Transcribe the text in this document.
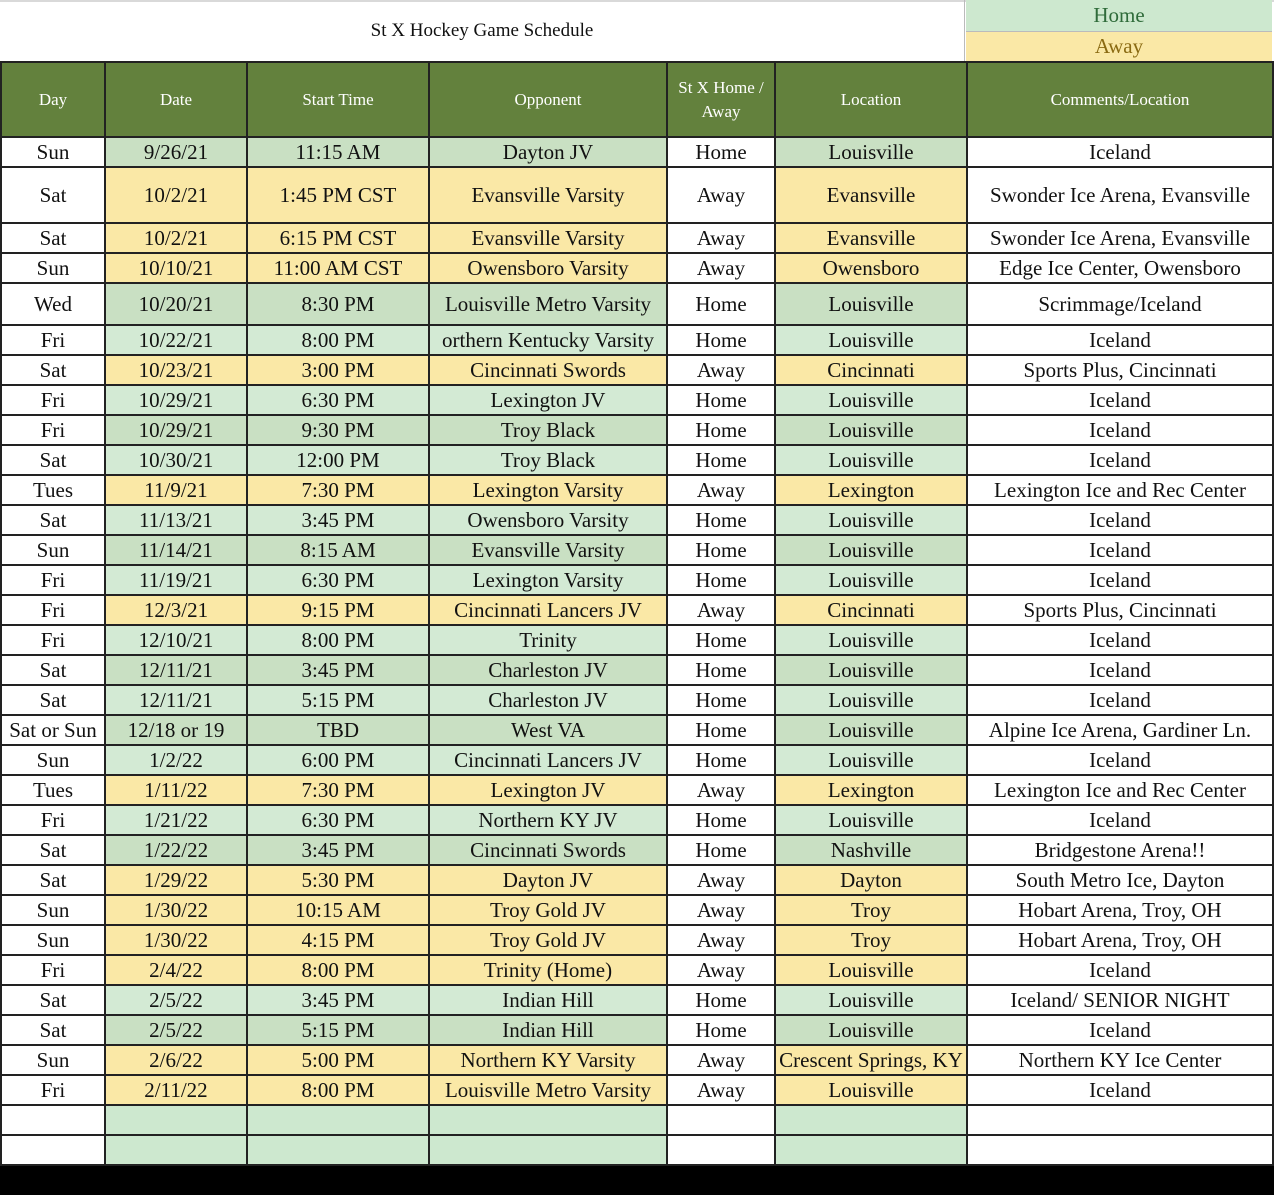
St X Hockey Game Schedule
Home
Away
Day	Date	Start Time	Opponent	St X Home / Away	Location	Comments/Location
Sun	9/26/21	11:15 AM	Dayton JV	Home	Louisville	Iceland
Sat	10/2/21	1:45 PM CST	Evansville Varsity	Away	Evansville	Swonder Ice Arena, Evansville
Sat	10/2/21	6:15 PM CST	Evansville Varsity	Away	Evansville	Swonder Ice Arena, Evansville
Sun	10/10/21	11:00 AM CST	Owensboro Varsity	Away	Owensboro	Edge Ice Center, Owensboro
Wed	10/20/21	8:30 PM	Louisville Metro Varsity	Home	Louisville	Scrimmage/Iceland
Fri	10/22/21	8:00 PM	orthern Kentucky Varsity	Home	Louisville	Iceland
Sat	10/23/21	3:00 PM	Cincinnati Swords	Away	Cincinnati	Sports Plus, Cincinnati
Fri	10/29/21	6:30 PM	Lexington JV	Home	Louisville	Iceland
Fri	10/29/21	9:30 PM	Troy Black	Home	Louisville	Iceland
Sat	10/30/21	12:00 PM	Troy Black	Home	Louisville	Iceland
Tues	11/9/21	7:30 PM	Lexington Varsity	Away	Lexington	Lexington Ice and Rec Center
Sat	11/13/21	3:45 PM	Owensboro Varsity	Home	Louisville	Iceland
Sun	11/14/21	8:15 AM	Evansville Varsity	Home	Louisville	Iceland
Fri	11/19/21	6:30 PM	Lexington Varsity	Home	Louisville	Iceland
Fri	12/3/21	9:15 PM	Cincinnati Lancers JV	Away	Cincinnati	Sports Plus, Cincinnati
Fri	12/10/21	8:00 PM	Trinity	Home	Louisville	Iceland
Sat	12/11/21	3:45 PM	Charleston JV	Home	Louisville	Iceland
Sat	12/11/21	5:15 PM	Charleston JV	Home	Louisville	Iceland
Sat or Sun	12/18 or 19	TBD	West VA	Home	Louisville	Alpine Ice Arena, Gardiner Ln.
Sun	1/2/22	6:00 PM	Cincinnati Lancers JV	Home	Louisville	Iceland
Tues	1/11/22	7:30 PM	Lexington JV	Away	Lexington	Lexington Ice and Rec Center
Fri	1/21/22	6:30 PM	Northern KY JV	Home	Louisville	Iceland
Sat	1/22/22	3:45 PM	Cincinnati Swords	Home	Nashville	Bridgestone Arena!!
Sat	1/29/22	5:30 PM	Dayton JV	Away	Dayton	South Metro Ice, Dayton
Sun	1/30/22	10:15 AM	Troy Gold JV	Away	Troy	Hobart Arena, Troy, OH
Sun	1/30/22	4:15 PM	Troy Gold JV	Away	Troy	Hobart Arena, Troy, OH
Fri	2/4/22	8:00 PM	Trinity (Home)	Away	Louisville	Iceland
Sat	2/5/22	3:45 PM	Indian Hill	Home	Louisville	Iceland/ SENIOR NIGHT
Sat	2/5/22	5:15 PM	Indian Hill	Home	Louisville	Iceland
Sun	2/6/22	5:00 PM	Northern KY Varsity	Away	Crescent Springs, KY	Northern KY Ice Center
Fri	2/11/22	8:00 PM	Louisville Metro Varsity	Away	Louisville	Iceland
